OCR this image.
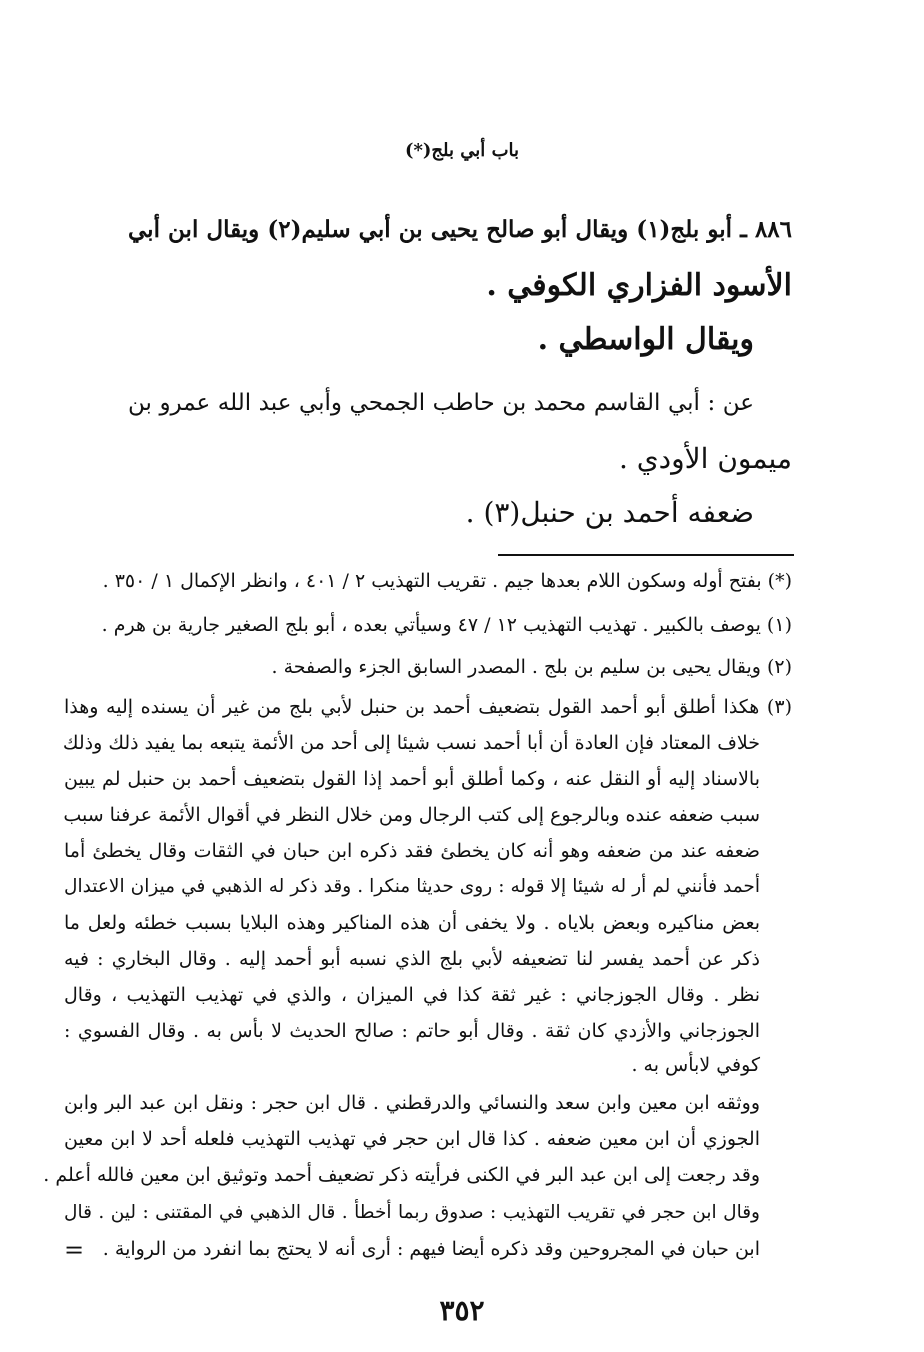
باب أبي بلج(*)
٨٨٦ ـ أبو بلج(١) ويقال أبو صالح يحيى بن أبي سليم(٢) ويقال ابن أبي
الأسود الفزاري الكوفي .
ويقال الواسطي .
عن : أبي القاسم محمد بن حاطب الجمحي وأبي عبد الله عمرو بن
ميمون الأودي .
ضعفه أحمد بن حنبل(٣) .
(*) بفتح أوله وسكون اللام بعدها جيم . تقريب التهذيب ٢ / ٤٠١ ، وانظر الإكمال ١ / ٣٥٠ .
(١) يوصف بالكبير . تهذيب التهذيب ١٢ / ٤٧ وسيأتي بعده ، أبو بلج الصغير جارية بن هرم .
(٢) ويقال يحيى بن سليم بن بلج . المصدر السابق الجزء والصفحة .
(٣) هكذا أطلق أبو أحمد القول بتضعيف أحمد بن حنبل لأبي بلج من غير أن يسنده إليه وهذا
خلاف المعتاد فإن العادة أن أبا أحمد نسب شيئا إلى أحد من الأئمة يتبعه بما يفيد ذلك وذلك
بالاسناد إليه أو النقل عنه ، وكما أطلق أبو أحمد إذا القول بتضعيف أحمد بن حنبل لم يبين
سبب ضعفه عنده وبالرجوع إلى كتب الرجال ومن خلال النظر في أقوال الأئمة عرفنا سبب
ضعفه عند من ضعفه وهو أنه كان يخطئ فقد ذكره ابن حبان في الثقات وقال يخطئ أما
أحمد فأنني لم أر له شيئا إلا قوله : روى حديثا منكرا . وقد ذكر له الذهبي في ميزان الاعتدال
بعض مناكيره وبعض بلاياه . ولا يخفى أن هذه المناكير وهذه البلايا بسبب خطئه ولعل ما
ذكر عن أحمد يفسر لنا تضعيفه لأبي بلج الذي نسبه أبو أحمد إليه . وقال البخاري : فيه
نظر . وقال الجوزجاني : غير ثقة كذا في الميزان ، والذي في تهذيب التهذيب ، وقال
الجوزجاني والأزدي كان ثقة . وقال أبو حاتم : صالح الحديث لا بأس به . وقال الفسوي :
كوفي لابأس به .
ووثقه ابن معين وابن سعد والنسائي والدرقطني . قال ابن حجر : ونقل ابن عبد البر وابن
الجوزي أن ابن معين ضعفه . كذا قال ابن حجر في تهذيب التهذيب فلعله أحد لا ابن معين
وقد رجعت إلى ابن عبد البر في الكنى فرأيته ذكر تضعيف أحمد وتوثيق ابن معين فالله أعلم .
وقال ابن حجر في تقريب التهذيب : صدوق ربما أخطأ . قال الذهبي في المقتنى : لين . قال
ابن حبان في المجروحين وقد ذكره أيضا فيهم : أرى أنه لا يحتج بما انفرد من الرواية .
=
٣٥٢
